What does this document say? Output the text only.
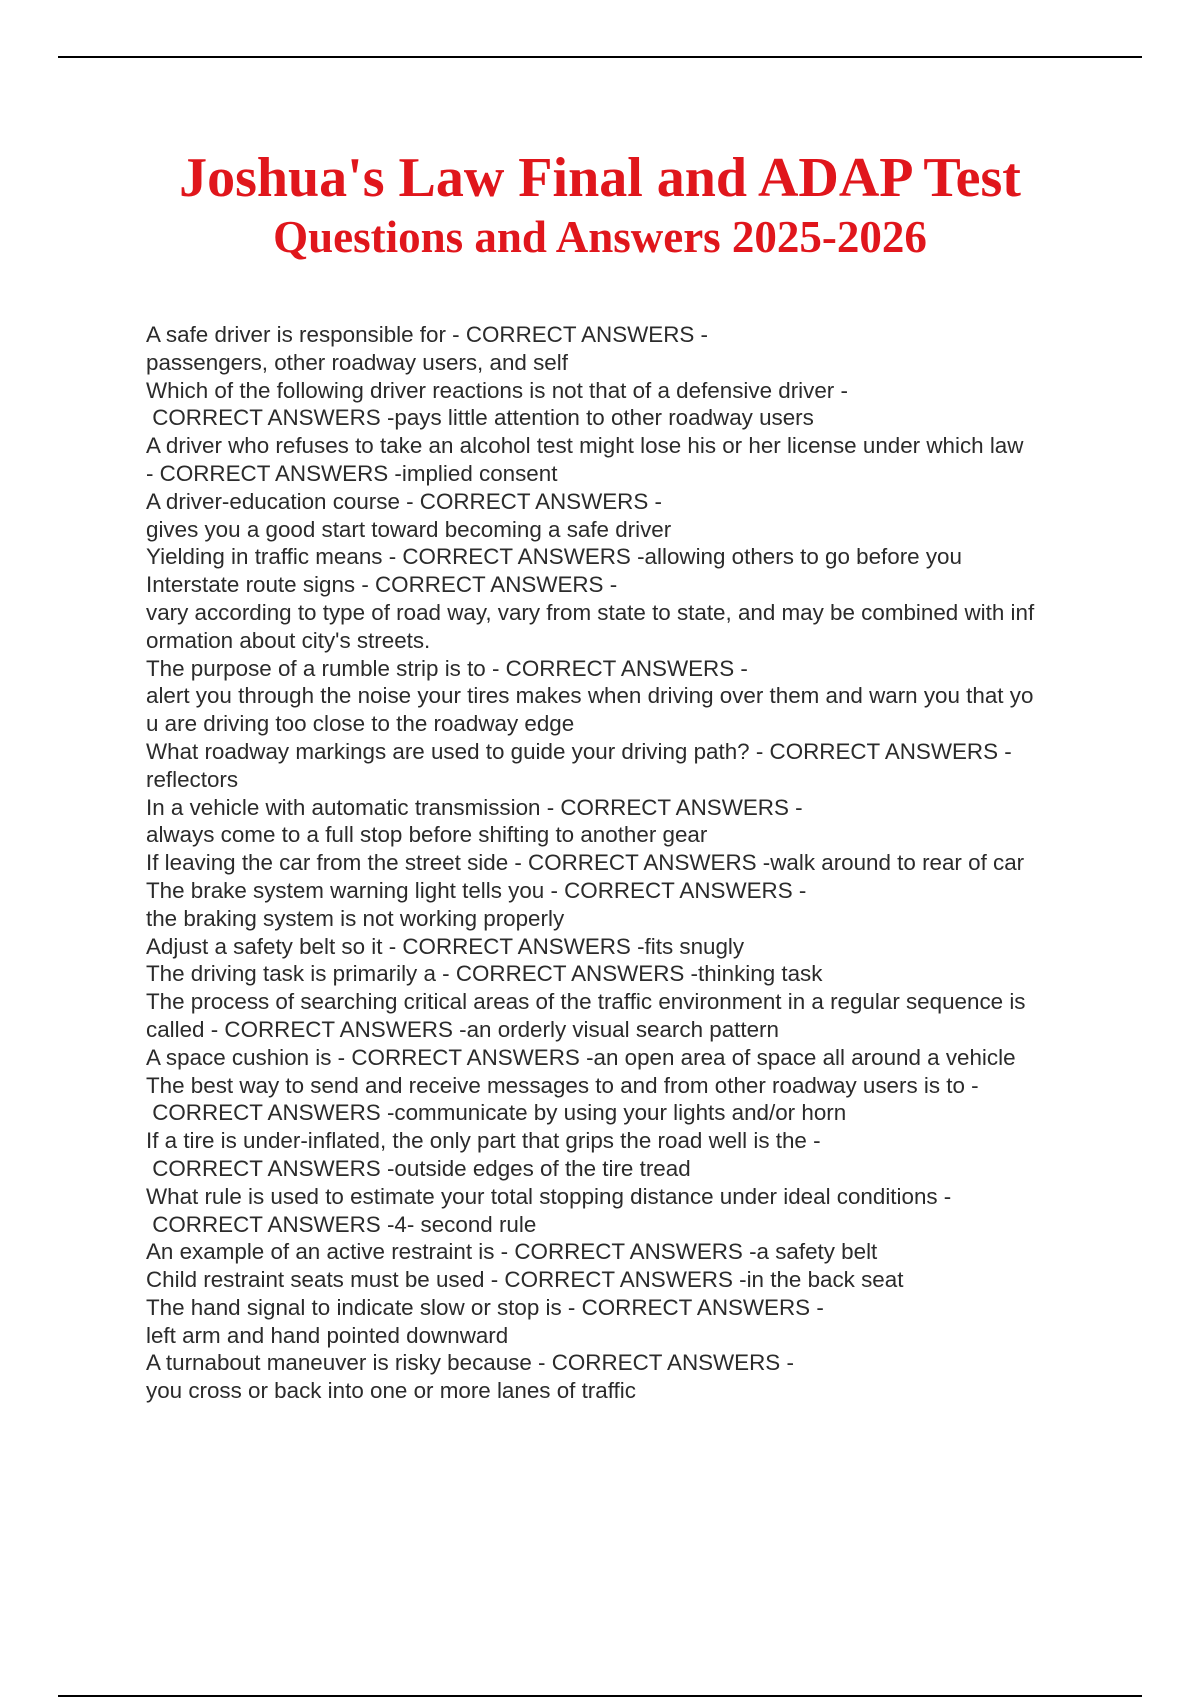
Joshua's Law Final and ADAP Test
Questions and Answers 2025-2026
A safe driver is responsible for - CORRECT ANSWERS -
passengers, other roadway users, and self
Which of the following driver reactions is not that of a defensive driver -
CORRECT ANSWERS -pays little attention to other roadway users
A driver who refuses to take an alcohol test might lose his or her license under which law
- CORRECT ANSWERS -implied consent
A driver-education course - CORRECT ANSWERS -
gives you a good start toward becoming a safe driver
Yielding in traffic means - CORRECT ANSWERS -allowing others to go before you
Interstate route signs - CORRECT ANSWERS -
vary according to type of road way, vary from state to state, and may be combined with inf
ormation about city's streets.
The purpose of a rumble strip is to - CORRECT ANSWERS -
alert you through the noise your tires makes when driving over them and warn you that yo
u are driving too close to the roadway edge
What roadway markings are used to guide your driving path? - CORRECT ANSWERS -
reflectors
In a vehicle with automatic transmission - CORRECT ANSWERS -
always come to a full stop before shifting to another gear
If leaving the car from the street side - CORRECT ANSWERS -walk around to rear of car
The brake system warning light tells you - CORRECT ANSWERS -
the braking system is not working properly
Adjust a safety belt so it - CORRECT ANSWERS -fits snugly
The driving task is primarily a - CORRECT ANSWERS -thinking task
The process of searching critical areas of the traffic environment in a regular sequence is
called - CORRECT ANSWERS -an orderly visual search pattern
A space cushion is - CORRECT ANSWERS -an open area of space all around a vehicle
The best way to send and receive messages to and from other roadway users is to -
CORRECT ANSWERS -communicate by using your lights and/or horn
If a tire is under-inflated, the only part that grips the road well is the -
CORRECT ANSWERS -outside edges of the tire tread
What rule is used to estimate your total stopping distance under ideal conditions -
CORRECT ANSWERS -4- second rule
An example of an active restraint is - CORRECT ANSWERS -a safety belt
Child restraint seats must be used - CORRECT ANSWERS -in the back seat
The hand signal to indicate slow or stop is - CORRECT ANSWERS -
left arm and hand pointed downward
A turnabout maneuver is risky because - CORRECT ANSWERS -
you cross or back into one or more lanes of traffic
